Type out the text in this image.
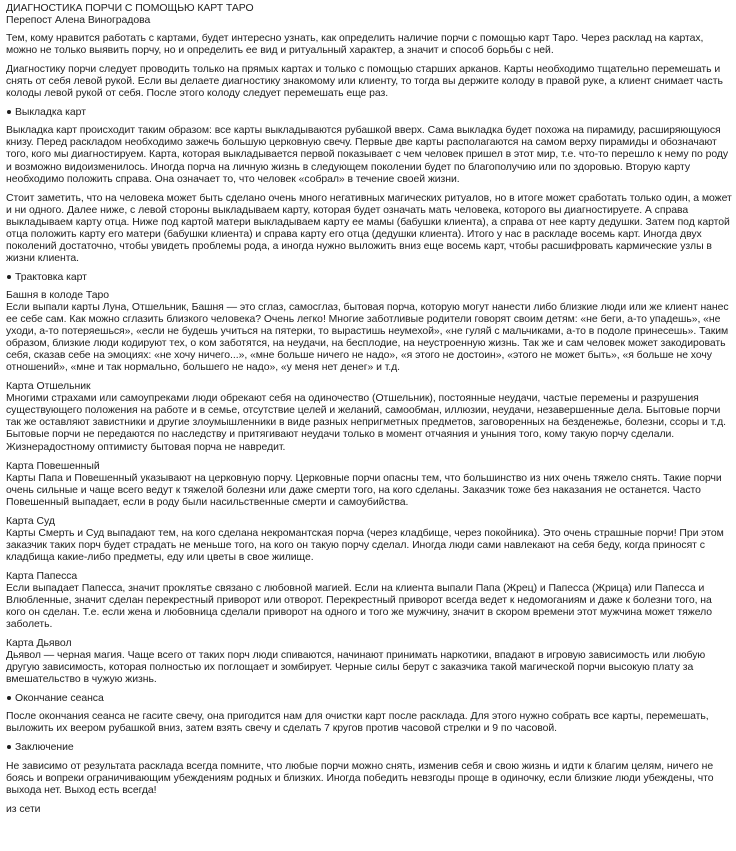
ДИАГНОСТИКА ПОРЧИ С ПОМОЩЬЮ КАРТ ТАРО

Перепост Алена Виноградова

Тем, кому нравится работать с картами, будет интересно узнать, как определить наличие порчи с помощью карт Таро. Через расклад на картах, можно не только выявить порчу, но и определить ее вид и ритуальный характер, а значит и способ борьбы с ней.

Диагностику порчи следует проводить только на прямых картах и только с помощью старших арканов. Карты необходимо тщательно перемешать и снять от себя левой рукой. Если вы делаете диагностику знакомому или клиенту, то тогда вы держите колоду в правой руке, а клиент снимает часть колоды левой рукой от себя. После этого колоду следует перемешать еще раз.

Выкладка карт

Выкладка карт происходит таким образом: все карты выкладываются рубашкой вверх. Сама выкладка будет похожа на пирамиду, расширяющуюся книзу. Перед раскладом необходимо зажечь большую церковную свечу. Первые две карты располагаются на самом верху пирамиды и обозначают того, кого мы диагностируем. Карта, которая выкладывается первой показывает с чем человек пришел в этот мир, т.е. что-то перешло к нему по роду и возможно видоизменилось. Иногда порча на личную жизнь в следующем поколении будет по благополучию или по здоровью. Вторую карту необходимо положить справа. Она означает то, что человек «собрал» в течение своей жизни.

Стоит заметить, что на человека может быть сделано очень много негативных магических ритуалов, но в итоге может сработать только один, а может и ни одного. Далее ниже, с левой стороны выкладываем карту, которая будет означать мать человека, которого вы диагностируете. А справа выкладываем карту отца. Ниже под картой матери выкладываем карту ее мамы (бабушки клиента), а справа от нее карту дедушки. Затем под картой отца положить карту его матери (бабушки клиента) и справа карту его отца (дедушки клиента). Итого у нас в раскладе восемь карт. Иногда двух поколений достаточно, чтобы увидеть проблемы рода, а иногда нужно выложить вниз еще восемь карт, чтобы расшифровать кармические узлы в жизни клиента.

Трактовка карт

Башня в колоде Таро

Если выпали карты Луна, Отшельник, Башня — это сглаз, самосглаз, бытовая порча, которую могут нанести либо близкие люди или же клиент нанес ее себе сам. Как можно сглазить близкого человека? Очень легко! Многие заботливые родители говорят своим детям: «не беги, а-то упадешь», «не уходи, а-то потеряешься», «если не будешь учиться на пятерки, то вырастишь неумехой», «не гуляй с мальчиками, а-то в подоле принесешь». Таким образом, близкие люди кодируют тех, о ком заботятся, на неудачи, на бесплодие, на неустроенную жизнь. Так же и сам человек может закодировать себя, сказав себе на эмоциях: «не хочу ничего...», «мне больше ничего не надо», «я этого не достоин», «этого не может быть», «я больше не хочу отношений», «мне и так нормально, большего не надо», «у меня нет денег» и т.д.

Карта Отшельник

Многими страхами или самоупреками люди обрекают себя на одиночество (Отшельник), постоянные неудачи, частые перемены и разрушения существующего положения на работе и в семье, отсутствие целей и желаний, самообман, иллюзии, неудачи, незавершенные дела. Бытовые порчи так же оставляют завистники и другие злоумышленники в виде разных непригметных предметов, заговоренных на безденежье, болезни, ссоры и т.д. Бытовые порчи не передаются по наследству и притягивают неудачи только в момент отчаяния и уныния того, кому такую порчу сделали. Жизнерадостному оптимисту бытовая порча не навредит.

Карта Повешенный

Карты Папа и Повешенный указывают на церковную порчу. Церковные порчи опасны тем, что большинство из них очень тяжело снять. Такие порчи очень сильные и чаще всего ведут к тяжелой болезни или даже смерти того, на кого сделаны. Заказчик тоже без наказания не останется. Часто Повешенный выпадает, если в роду были насильственные смерти и самоубийства.

Карта Суд

Карты Смерть и Суд выпадают тем, на кого сделана некромантская порча (через кладбище, через покойника). Это очень страшные порчи! При этом заказчик таких порч будет страдать не меньше того, на кого он такую порчу сделал. Иногда люди сами навлекают на себя беду, когда приносят с кладбища какие-либо предметы, еду или цветы в свое жилище.

Карта Папесса

Если выпадает Папесса, значит проклятье связано с любовной магией. Если на клиента выпали Папа (Жрец) и Папесса (Жрица) или Папесса и Влюбленные, значит сделан перекрестный приворот или отворот. Перекрестный приворот всегда ведет к недомоганиям и даже к болезни того, на кого он сделан. Т.е. если жена и любовница сделали приворот на одного и того же мужчину, значит в скором времени этот мужчина может тяжело заболеть.

Карта Дьявол

Дьявол — черная магия. Чаще всего от таких порч люди спиваются, начинают принимать наркотики, впадают в игровую зависимость или любую другую зависимость, которая полностью их поглощает и зомбирует. Черные силы берут с заказчика такой магической порчи высокую плату за вмешательство в чужую жизнь.

Окончание сеанса

После окончания сеанса не гасите свечу, она пригодится нам для очистки карт после расклада. Для этого нужно собрать все карты, перемешать, выложить их веером рубашкой вниз, затем взять свечу и сделать 7 кругов против часовой стрелки и 9 по часовой.

Заключение

Не зависимо от результата расклада всегда помните, что любые порчи можно снять, изменив себя и свою жизнь и идти к благим целям, ничего не боясь и вопреки ограничивающим убеждениям родных и близких. Иногда победить невзгоды проще в одиночку, если близкие люди убеждены, что выхода нет. Выход есть всегда!

из сети
